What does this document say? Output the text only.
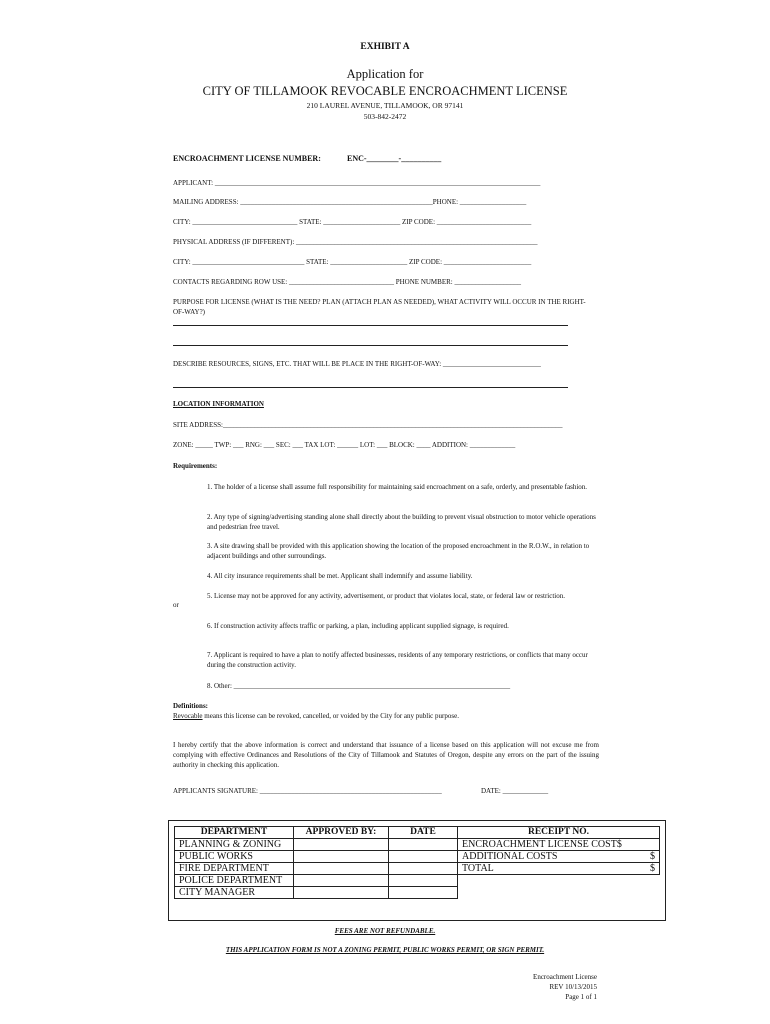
EXHIBIT A
Application for
CITY OF TILLAMOOK REVOCABLE ENCROACHMENT LICENSE
210 LAUREL AVENUE, TILLAMOOK, OR 97141
503-842-2472
ENCROACHMENT LICENSE NUMBER:	ENC-________-__________
APPLICANT: _____________________________________________________________________________________________
MAILING ADDRESS: _______________________________________________________PHONE: ___________________
CITY: ______________________________ STATE: ______________________ ZIP CODE: ___________________________
PHYSICAL ADDRESS (IF DIFFERENT): _____________________________________________________________________
CITY: ________________________________ STATE: ______________________ ZIP CODE: _________________________
CONTACTS REGARDING ROW USE: ______________________________ PHONE NUMBER: ___________________
PURPOSE FOR LICENSE (WHAT IS THE NEED? PLAN (ATTACH PLAN AS NEEDED), WHAT ACTIVITY WILL OCCUR IN THE RIGHT-OF-WAY?)
DESCRIBE RESOURCES, SIGNS, ETC. THAT WILL BE PLACE IN THE RIGHT-OF-WAY: ____________________________
LOCATION INFORMATION
SITE ADDRESS:_________________________________________________________________________________________________
ZONE: _____ TWP: ___ RNG: ___ SEC: ___ TAX LOT: ______ LOT: ___ BLOCK: ____ ADDITION: _____________
Requirements:
1. The holder of a license shall assume full responsibility for maintaining said encroachment on a safe, orderly, and presentable fashion.
2. Any type of signing/advertising standing alone shall directly about the building to prevent visual obstruction to motor vehicle operations and pedestrian free travel.
3. A site drawing shall be provided with this application showing the location of the proposed encroachment in the R.O.W., in relation to adjacent buildings and other surroundings.
4. All city insurance requirements shall be met. Applicant shall indemnify and assume liability.
5. License may not be approved for any activity, advertisement, or product that violates local, state, or federal law or restriction.
or
6. If construction activity affects traffic or parking, a plan, including applicant supplied signage, is required.
7. Applicant is required to have a plan to notify affected businesses, residents of any temporary restrictions, or conflicts that many occur during the construction activity.
8. Other: _______________________________________________________________________________
Definitions:
Revocable means this license can be revoked, cancelled, or voided by the City for any public purpose.
I hereby certify that the above information is correct and understand that issuance of a license based on this application will not excuse me from complying with effective Ordinances and Resolutions of the City of Tillamook and Statutes of Oregon, despite any errors on the part of the issuing authority in checking this application.
APPLICANTS SIGNATURE: ____________________________________________________	DATE: _____________
DEPARTMENT	APPROVED BY:	DATE	RECEIPT NO.
PLANNING & ZONING			ENCROACHMENT LICENSE COST$
PUBLIC WORKS			ADDITIONAL COSTS $

FIRE DEPARTMENT			TOTAL $

POLICE DEPARTMENT			
CITY MANAGER			
FEES ARE NOT REFUNDABLE.
THIS APPLICATION FORM IS NOT A ZONING PERMIT, PUBLIC WORKS PERMIT, OR SIGN PERMIT.
Encroachment License
REV 10/13/2015
Page 1 of 1
